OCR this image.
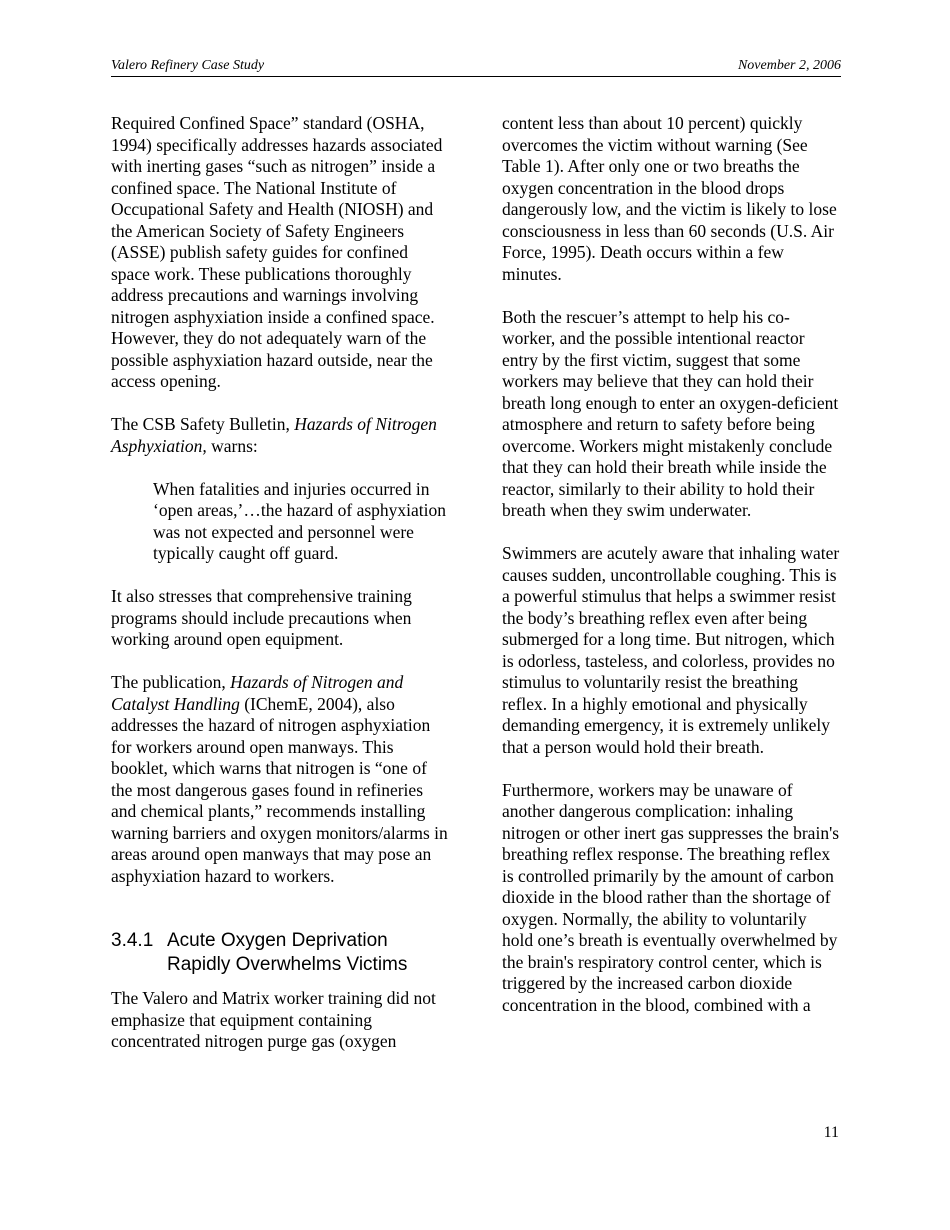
Valero Refinery Case Study	November 2, 2006

Required Confined Space” standard (OSHA, 1994) specifically addresses hazards associated with inerting gases “such as nitrogen” inside a confined space. The National Institute of Occupational Safety and Health (NIOSH) and the American Society of Safety Engineers (ASSE) publish safety guides for confined space work. These publications thoroughly address precautions and warnings involving nitrogen asphyxiation inside a confined space. However, they do not adequately warn of the possible asphyxiation hazard outside, near the access opening.

The CSB Safety Bulletin, Hazards of Nitrogen Asphyxiation, warns:

When fatalities and injuries occurred in ‘open areas,’…the hazard of asphyxiation was not expected and personnel were typically caught off guard.

It also stresses that comprehensive training programs should include precautions when working around open equipment.

The publication, Hazards of Nitrogen and Catalyst Handling (IChemE, 2004), also addresses the hazard of nitrogen asphyxiation for workers around open manways. This booklet, which warns that nitrogen is “one of the most dangerous gases found in refineries and chemical plants,” recommends installing warning barriers and oxygen monitors/alarms in areas around open manways that may pose an asphyxiation hazard to workers.

3.4.1 Acute Oxygen Deprivation Rapidly Overwhelms Victims

The Valero and Matrix worker training did not emphasize that equipment containing concentrated nitrogen purge gas (oxygen

content less than about 10 percent) quickly overcomes the victim without warning (See Table 1). After only one or two breaths the oxygen concentration in the blood drops dangerously low, and the victim is likely to lose consciousness in less than 60 seconds (U.S. Air Force, 1995). Death occurs within a few minutes.

Both the rescuer’s attempt to help his co-worker, and the possible intentional reactor entry by the first victim, suggest that some workers may believe that they can hold their breath long enough to enter an oxygen-deficient atmosphere and return to safety before being overcome. Workers might mistakenly conclude that they can hold their breath while inside the reactor, similarly to their ability to hold their breath when they swim underwater.

Swimmers are acutely aware that inhaling water causes sudden, uncontrollable coughing. This is a powerful stimulus that helps a swimmer resist the body’s breathing reflex even after being submerged for a long time. But nitrogen, which is odorless, tasteless, and colorless, provides no stimulus to voluntarily resist the breathing reflex. In a highly emotional and physically demanding emergency, it is extremely unlikely that a person would hold their breath.

Furthermore, workers may be unaware of another dangerous complication: inhaling nitrogen or other inert gas suppresses the brain's breathing reflex response. The breathing reflex is controlled primarily by the amount of carbon dioxide in the blood rather than the shortage of oxygen. Normally, the ability to voluntarily hold one’s breath is eventually overwhelmed by the brain's respiratory control center, which is triggered by the increased carbon dioxide concentration in the blood, combined with a

11
